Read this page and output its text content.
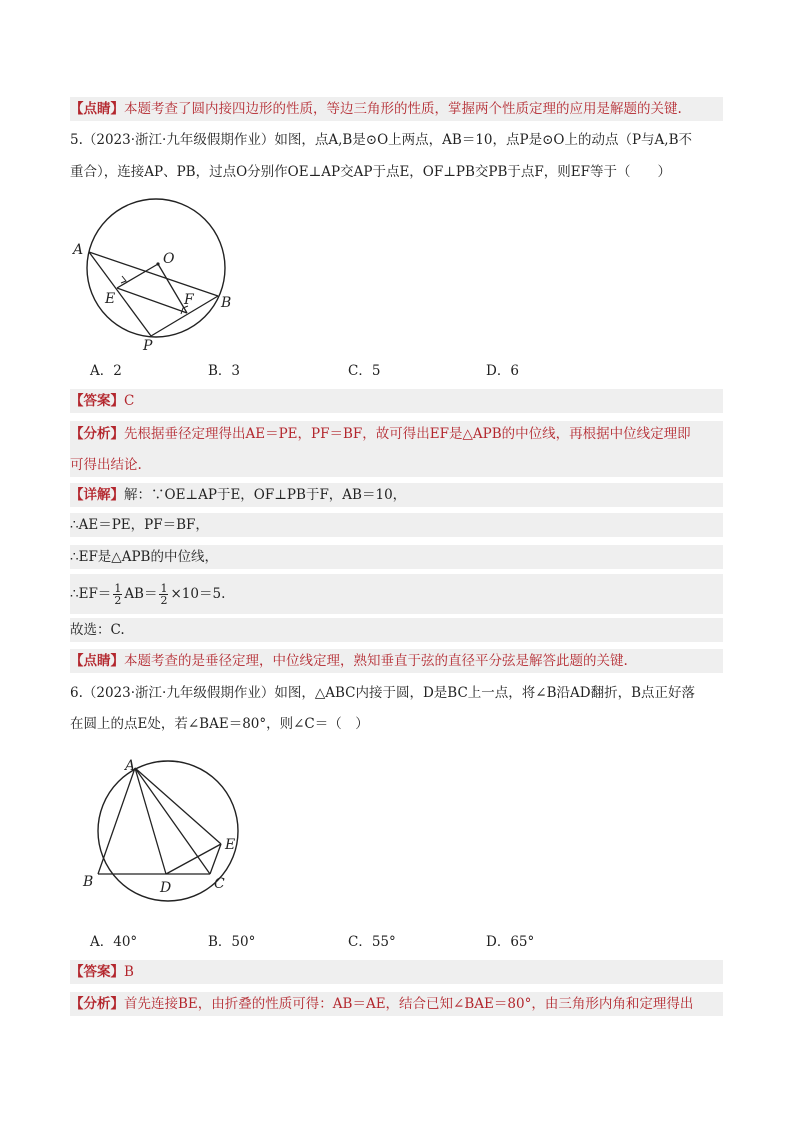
【点睛】本题考查了圆内接四边形的性质，等边三角形的性质，掌握两个性质定理的应用是解题的关键.
5.（2023·浙江·九年级假期作业）如图，点A,B是⊙O上两点，AB＝10，点P是⊙O上的动点（P与A,B不
重合），连接AP、PB，过点O分别作OE⊥AP交AP于点E，OF⊥PB交PB于点F，则EF等于（　　）
A
O
E	F B
P
A．2	B．3	C．5	D．6
【答案】C
【分析】先根据垂径定理得出AE＝PE，PF＝BF，故可得出EF是△APB的中位线，再根据中位线定理即
可得出结论.
【详解】解：∵OE⊥AP于E，OF⊥PB于F，AB＝10，
∴AE＝PE，PF＝BF，
∴EF是△APB的中位线，
∴EF＝ $\frac{1}{2} AB= \frac{1}{2} \times 10=5$.
故选：C.
【点睛】本题考查的是垂径定理，中位线定理，熟知垂直于弦的直径平分弦是解答此题的关键.
6.（2023·浙江·九年级假期作业）如图，△ABC内接于圆，D是BC上一点，将∠B沿AD翻折，B点正好落
在圆上的点E处，若∠BAE＝80°，则∠C＝（　）
A
E
B	D	C
A．40°	B．50°	C．55°	D．65°
【答案】B
【分析】首先连接BE，由折叠的性质可得：AB＝AE，结合已知∠BAE＝80°，由三角形内角和定理得出
